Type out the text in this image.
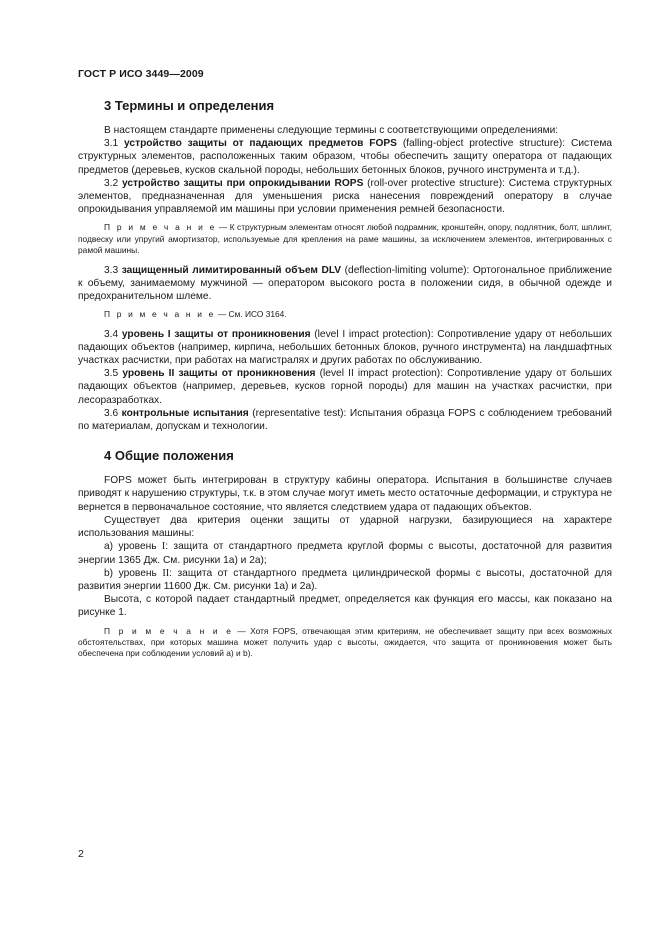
ГОСТ Р ИСО 3449—2009
3 Термины и определения

В настоящем стандарте применены следующие термины с соответствующими определениями:

3.1 устройство защиты от падающих предметов FOPS (falling-object protective structure): Система структурных элементов, расположенных таким образом, чтобы обеспечить защиту оператора от падающих предметов (деревьев, кусков скальной породы, небольших бетонных блоков, ручного инструмента и т.д.).

3.2 устройство защиты при опрокидывании ROPS (roll-over protective structure): Система структурных элементов, предназначенная для уменьшения риска нанесения повреждений оператору в случае опрокидывания управляемой им машины при условии применения ремней безопасности.

П р и м е ч а н и е — К структурным элементам относят любой подрамник, кронштейн, опору, подлятник, болт, шплинт, подвеску или упругий амортизатор, используемые для крепления на раме машины, за исключением элементов, интегрированных с рамой машины.

3.3 защищенный лимитированный объем DLV (deflection-limiting volume): Ортогональное приближение к объему, занимаемому мужчиной — оператором высокого роста в положении сидя, в обычной одежде и предохранительном шлеме.

П р и м е ч а н и е — См. ИСО 3164.

3.4 уровень I защиты от проникновения (level I impact protection): Сопротивление удару от небольших падающих объектов (например, кирпича, небольших бетонных блоков, ручного инструмента) на ландшафтных участках расчистки, при работах на магистралях и других работах по обслуживанию.

3.5 уровень II защиты от проникновения (level II impact protection): Сопротивление удару от больших падающих объектов (например, деревьев, кусков горной породы) для машин на участках расчистки, при лесоразработках.

3.6 контрольные испытания (representative test): Испытания образца FOPS с соблюдением требований по материалам, допускам и технологии.

4 Общие положения

FOPS может быть интегрирован в структуру кабины оператора. Испытания в большинстве случаев приводят к нарушению структуры, т.к. в этом случае могут иметь место остаточные деформации, и структура не вернется в первоначальное состояние, что является следствием удара от падающих объектов.

Существует два критерия оценки защиты от ударной нагрузки, базирующиеся на характере использования машины:

a) уровень I: защита от стандартного предмета круглой формы с высоты, достаточной для развития энергии 1365 Дж. См. рисунки 1а) и 2а);

b) уровень II: защита от стандартного предмета цилиндрической формы с высоты, достаточной для развития энергии 11600 Дж. См. рисунки 1а) и 2а).

Высота, с которой падает стандартный предмет, определяется как функция его массы, как показано на рисунке 1.

П р и м е ч а н и е — Хотя FOPS, отвечающая этим критериям, не обеспечивает защиту при всех возможных обстоятельствах, при которых машина может получить удар с высоты, ожидается, что защита от проникновения может быть обеспечена при соблюдении условий а) и b).
2
